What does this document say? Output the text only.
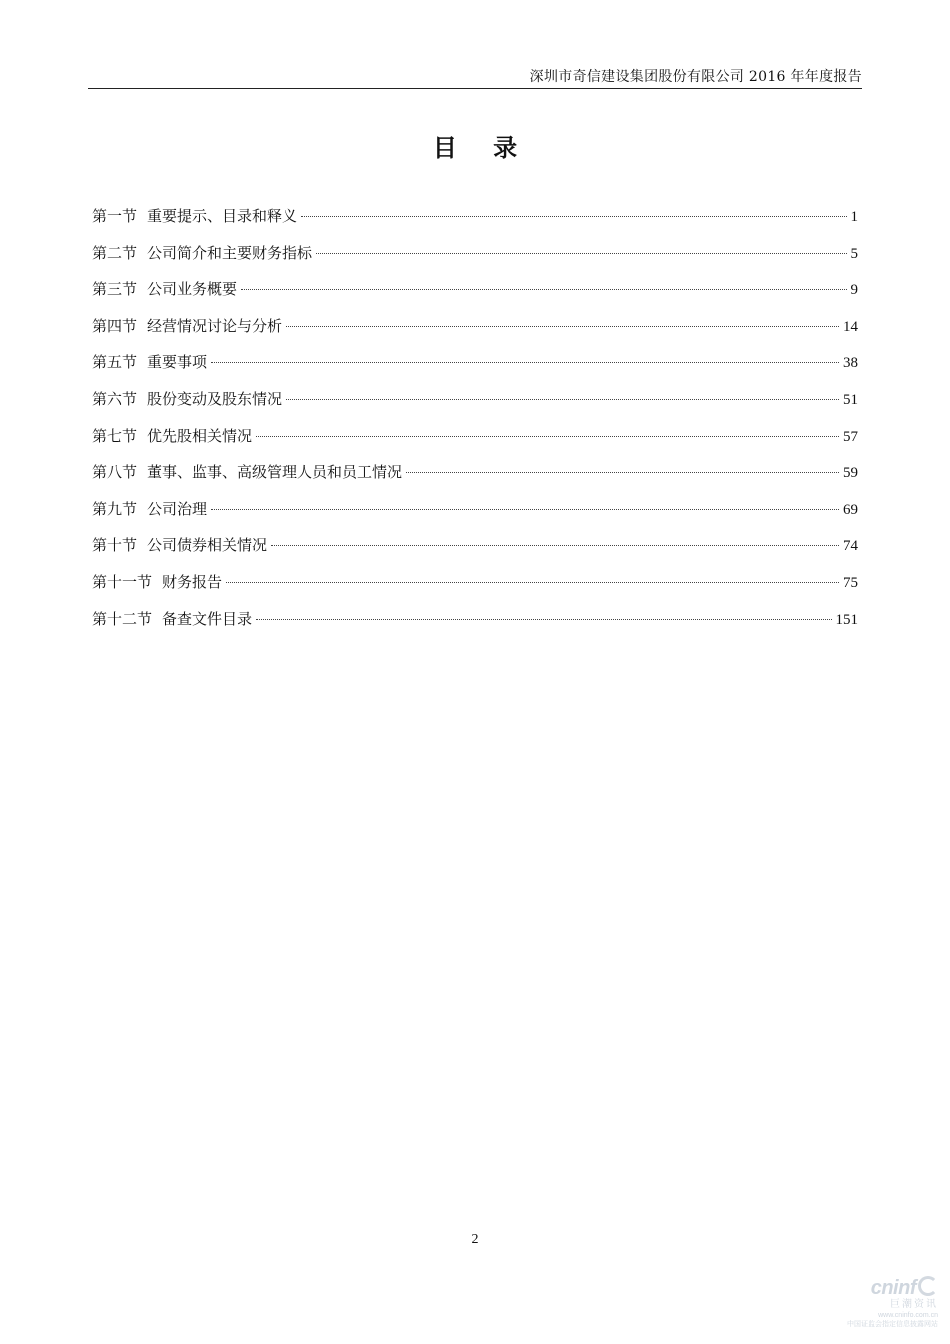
深圳市奇信建设集团股份有限公司 2016 年年度报告
目 录
第一节 重要提示、目录和释义	1
第二节 公司简介和主要财务指标	5
第三节 公司业务概要	9
第四节 经营情况讨论与分析	14
第五节 重要事项	38
第六节 股份变动及股东情况	51
第七节 优先股相关情况	57
第八节 董事、监事、高级管理人员和员工情况	59
第九节 公司治理	69
第十节 公司债券相关情况	74
第十一节 财务报告	75
第十二节 备查文件目录	151
2
cninf
巨潮资讯
www.cninfo.com.cn
中国证监会指定信息披露网站
